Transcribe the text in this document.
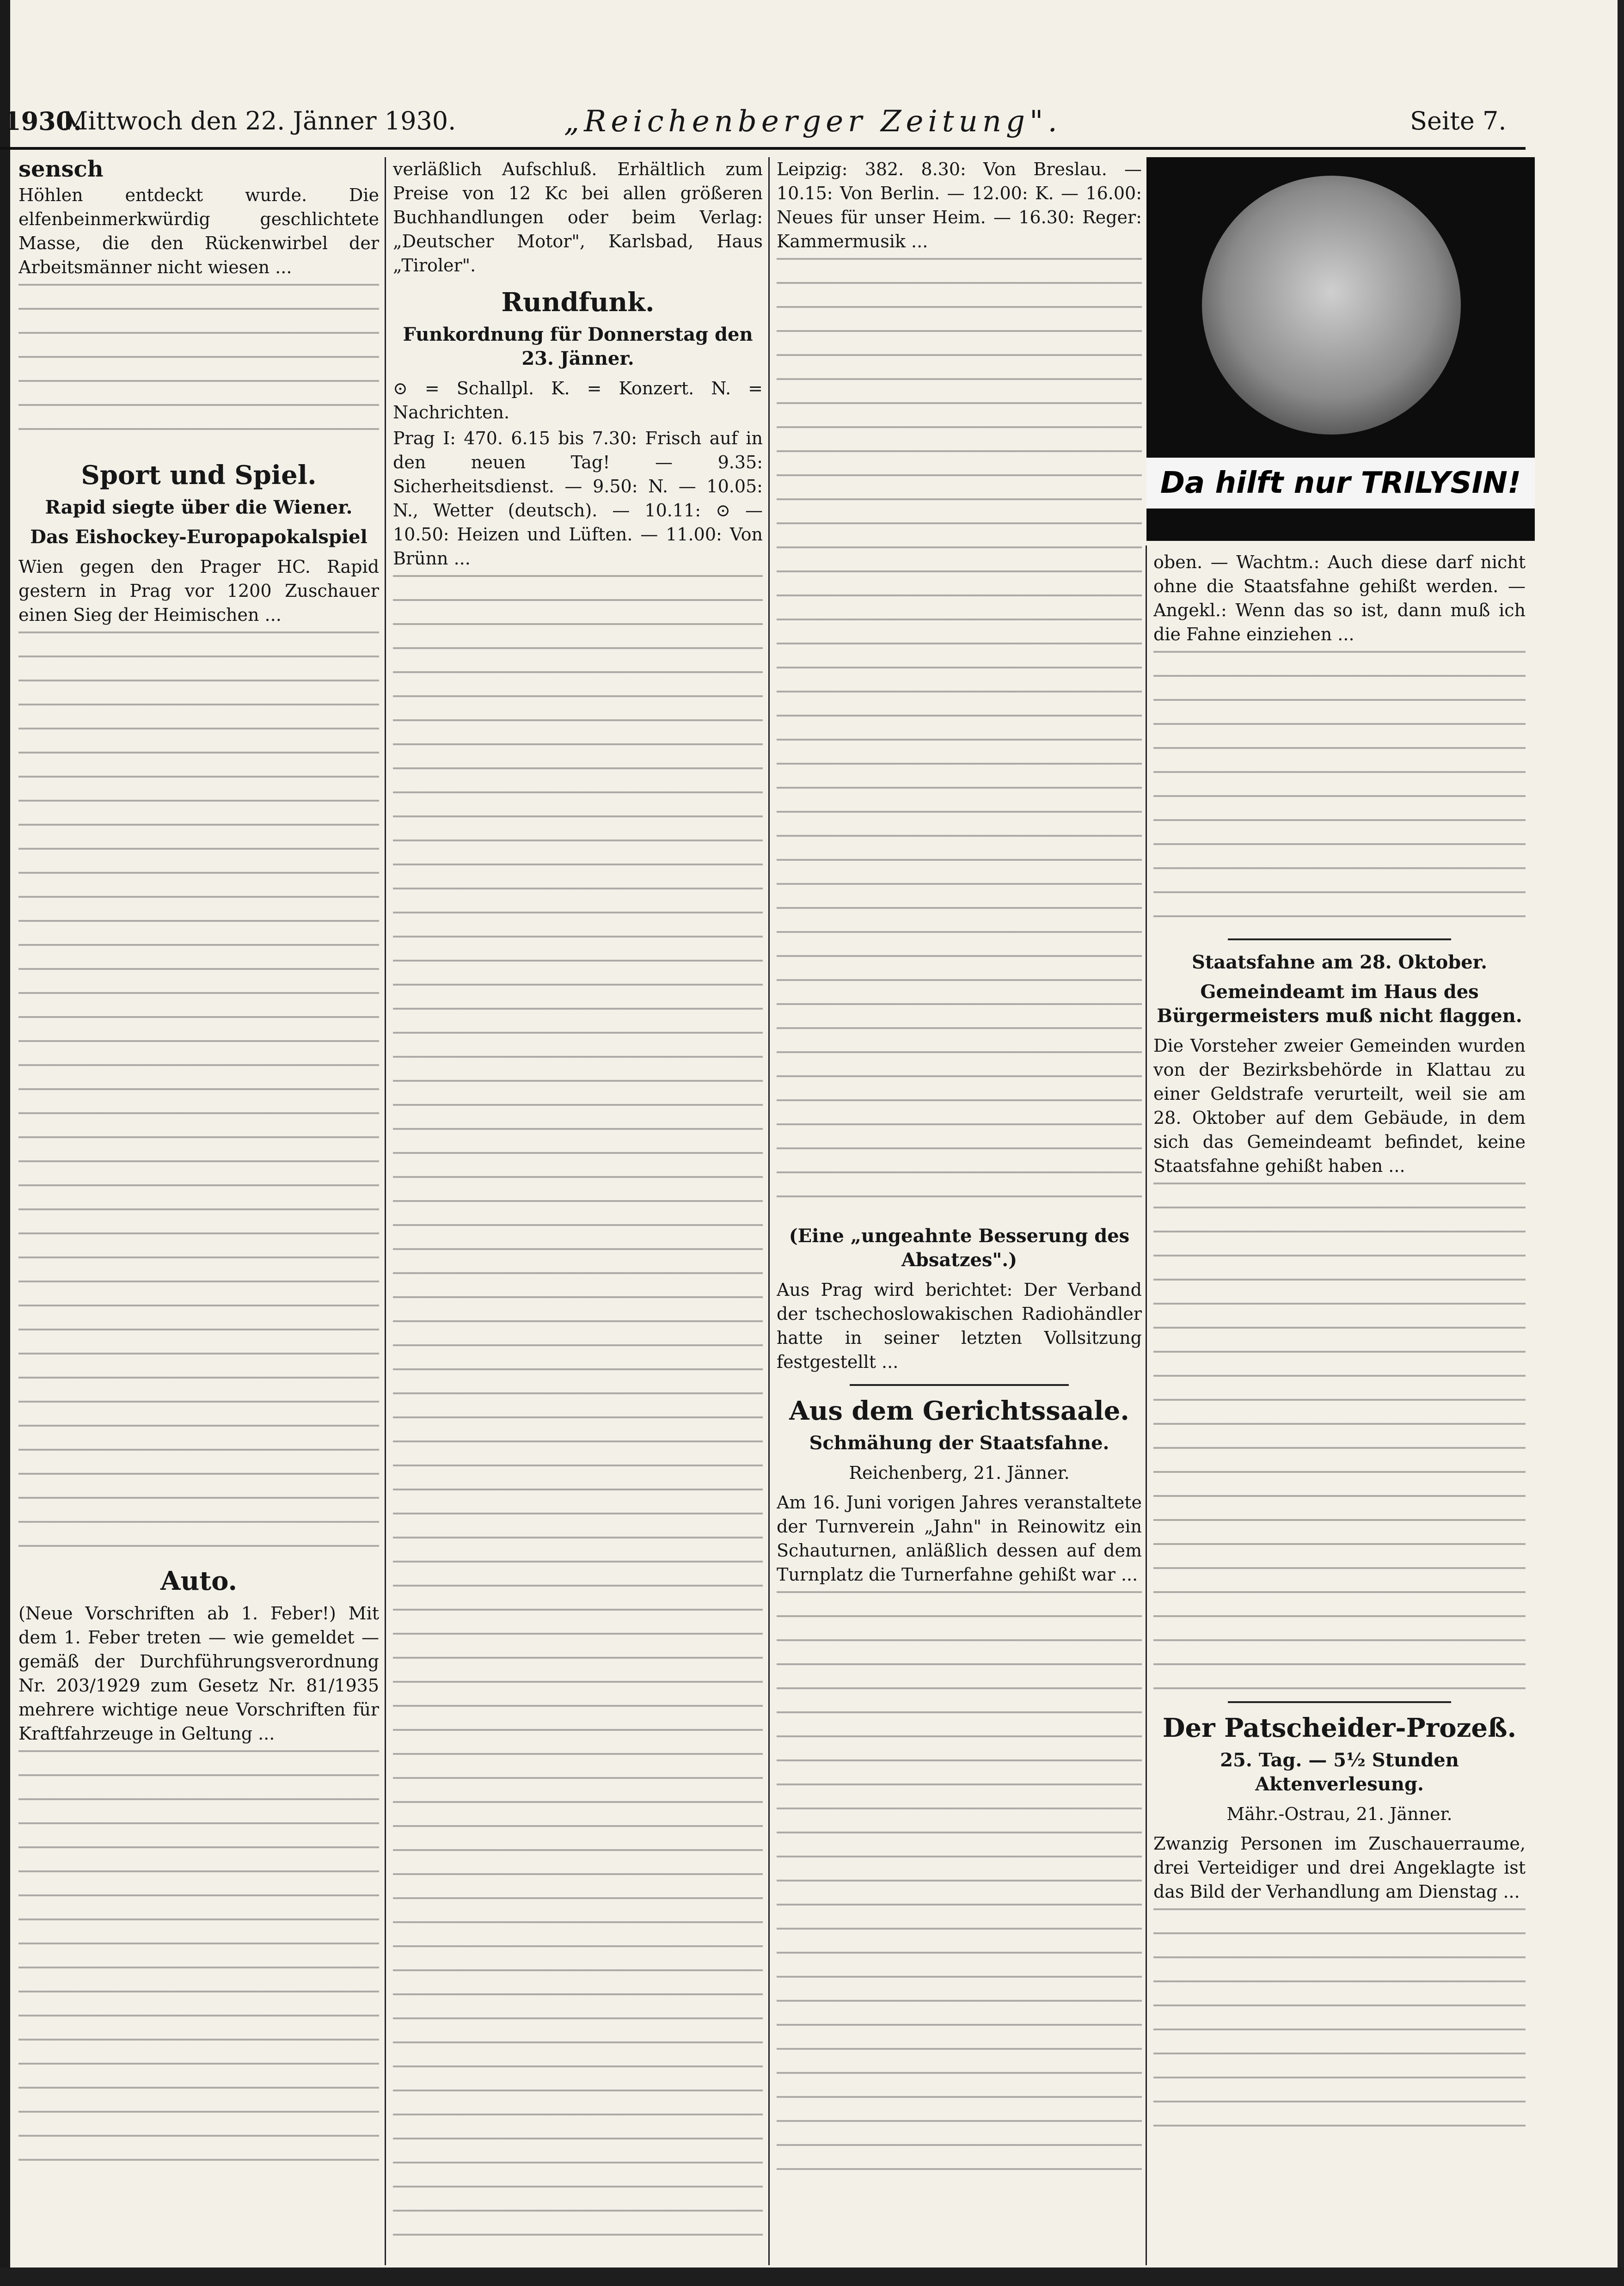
1930.
Mittwoch den 22. Jänner 1930.	„Reichenberger Zeitung".	Seite 7.

sensch

Höhlen entdeckt wurde. Die elfenbeinmerkwürdig geschlichtete Masse, die den Rückenwirbel der Arbeitsmänner nicht wiesen ...

Sport und Spiel.
Rapid siegte über die Wiener.
Das Eishockey-Europapokalspiel

Wien gegen den Prager HC. Rapid gestern in Prag vor 1200 Zuschauer einen Sieg der Heimischen ...

Auto.

(Neue Vorschriften ab 1. Feber!) Mit dem 1. Feber treten — wie gemeldet — gemäß der Durchführungsverordnung Nr. 203/1929 zum Gesetz Nr. 81/1935 mehrere wichtige neue Vorschriften für Kraftfahrzeuge in Geltung ...

verläßlich Aufschluß. Erhältlich zum Preise von 12 Kc bei allen größeren Buchhandlungen oder beim Verlag: „Deutscher Motor", Karlsbad, Haus „Tiroler".

Rundfunk.
Funkordnung für Donnerstag den 23. Jänner.

⊙ = Schallpl. K. = Konzert. N. = Nachrichten.

Prag I: 470. 6.15 bis 7.30: Frisch auf in den neuen Tag! — 9.35: Sicherheitsdienst. — 9.50: N. — 10.05: N., Wetter (deutsch). — 10.11: ⊙ — 10.50: Heizen und Lüften. — 11.00: Von Brünn ...

Leipzig: 382. 8.30: Von Breslau. — 10.15: Von Berlin. — 12.00: K. — 16.00: Neues für unser Heim. — 16.30: Reger: Kammermusik ...

(Eine „ungeahnte Besserung des Absatzes".)

Aus Prag wird berichtet: Der Verband der tschechoslowakischen Radiohändler hatte in seiner letzten Vollsitzung festgestellt ...

Aus dem Gerichtssaale.
Schmähung der Staatsfahne.
Reichenberg, 21. Jänner.

Am 16. Juni vorigen Jahres veranstaltete der Turnverein „Jahn" in Reinowitz ein Schauturnen, anläßlich dessen auf dem Turnplatz die Turnerfahne gehißt war ...

Da hilft nur TRILYSIN!

oben. — Wachtm.: Auch diese darf nicht ohne die Staatsfahne gehißt werden. — Angekl.: Wenn das so ist, dann muß ich die Fahne einziehen ...

Staatsfahne am 28. Oktober.
Gemeindeamt im Haus des Bürgermeisters muß nicht flaggen.

Die Vorsteher zweier Gemeinden wurden von der Bezirksbehörde in Klattau zu einer Geldstrafe verurteilt, weil sie am 28. Oktober auf dem Gebäude, in dem sich das Gemeindeamt befindet, keine Staatsfahne gehißt haben ...

Der Patscheider-Prozeß.
25. Tag. — 5½ Stunden Aktenverlesung.
Mähr.-Ostrau, 21. Jänner.

Zwanzig Personen im Zuschauerraume, drei Verteidiger und drei Angeklagte ist das Bild der Verhandlung am Dienstag ...
